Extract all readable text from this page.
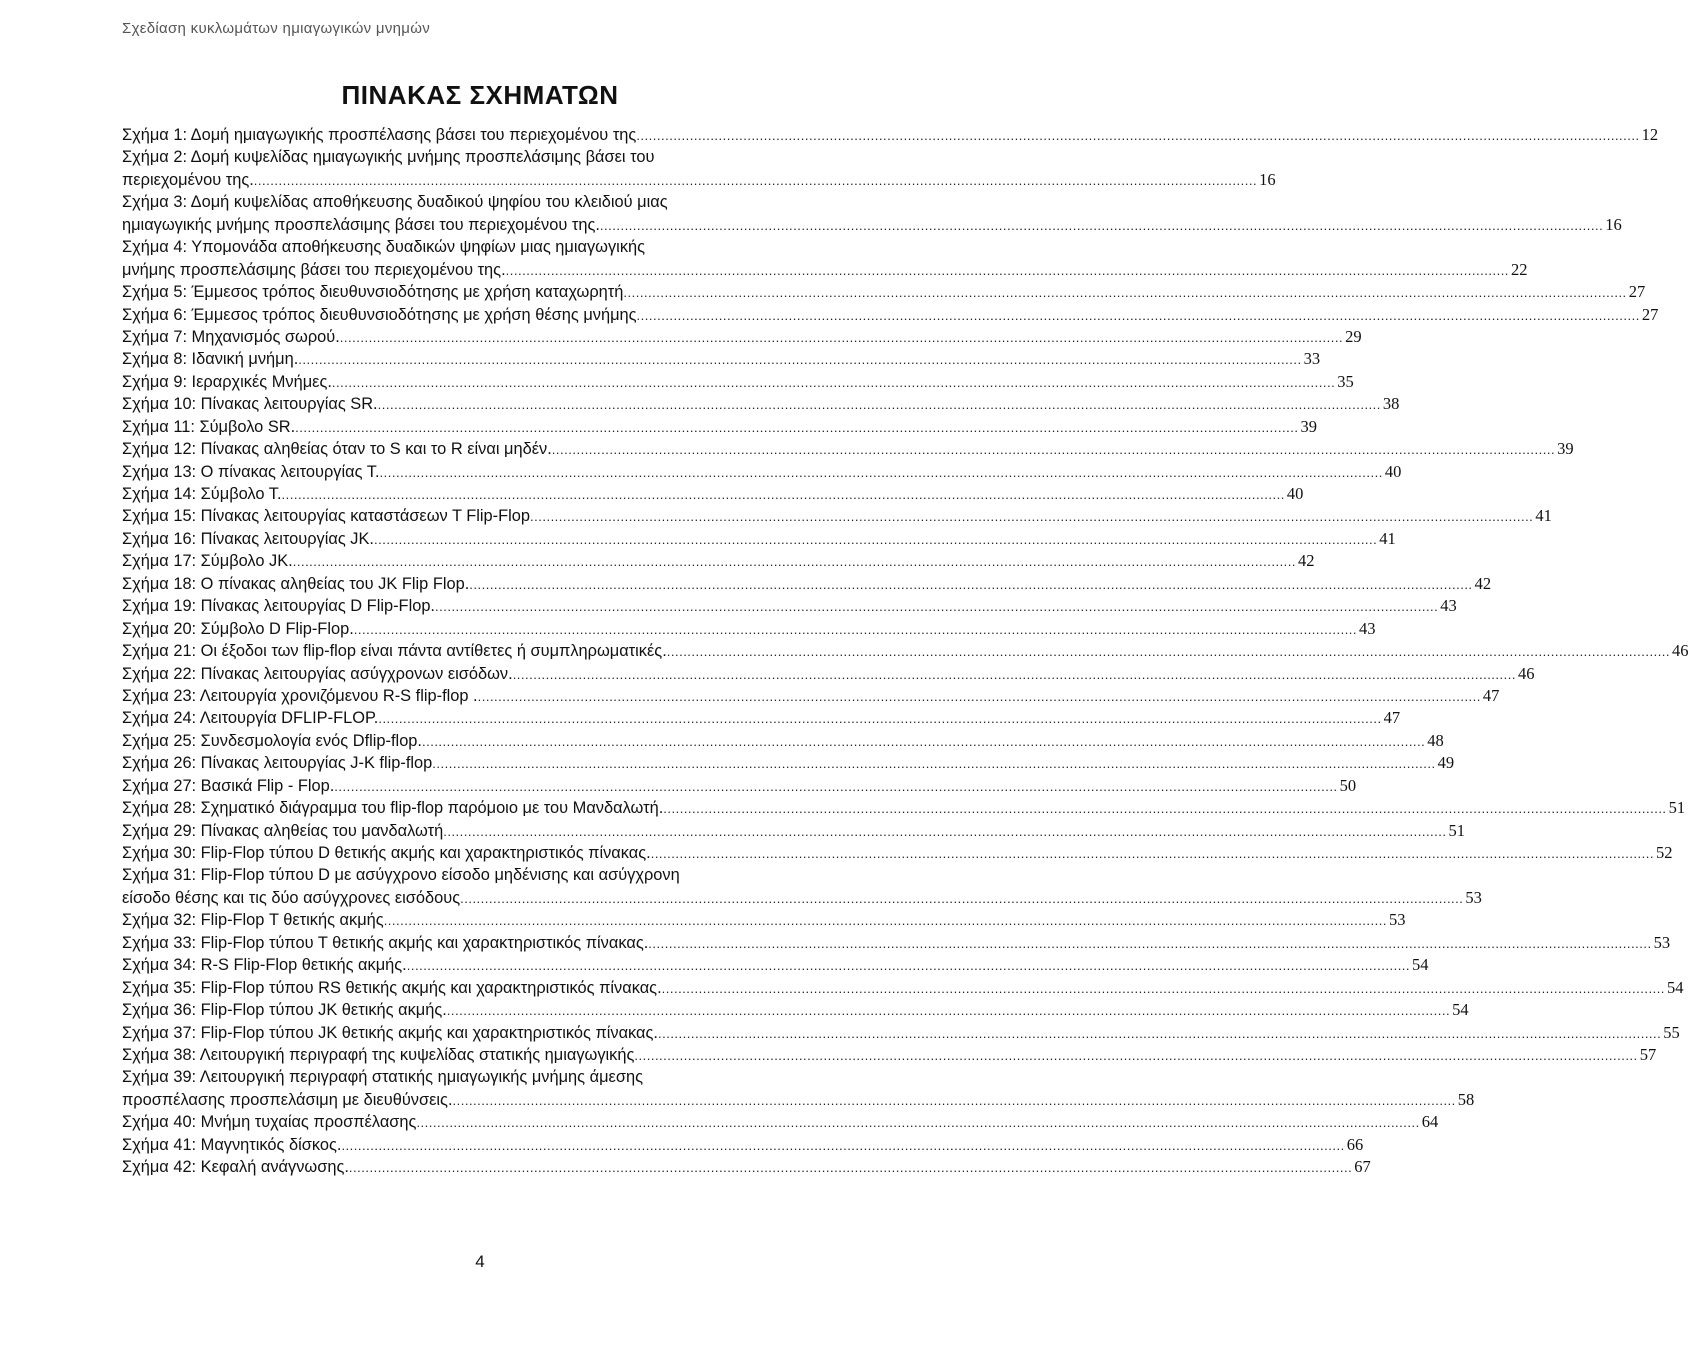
Σχεδίαση κυκλωμάτων ημιαγωγικών μνημών
ΠΙΝΑΚΑΣ ΣΧΗΜΑΤΩΝ
Σχήμα 1: Δομή ημιαγωγικής προσπέλασης βάσει του περιεχομένου της .....	12
Σχήμα 2: Δομή κυψελίδας ημιαγωγικής μνήμης προσπελάσιμης βάσει του
περιεχομένου της. .....	16
Σχήμα 3: Δομή κυψελίδας αποθήκευσης δυαδικού ψηφίου του κλειδιού μιας
ημιαγωγικής μνήμης προσπελάσιμης βάσει του περιεχομένου της. .....	16
Σχήμα 4: Υπομονάδα αποθήκευσης δυαδικών ψηφίων μιας ημιαγωγικής
μνήμης προσπελάσιμης βάσει του περιεχομένου της. .....	22
Σχήμα 5: Έμμεσος τρόπος διευθυνσιοδότησης με χρήση καταχωρητή .....	27
Σχήμα 6: Έμμεσος τρόπος διευθυνσιοδότησης με χρήση θέσης μνήμης .....	27
Σχήμα 7: Μηχανισμός σωρού. .....	29
Σχήμα 8: Ιδανική μνήμη. .....	33
Σχήμα 9: Ιεραρχικές Μνήμες. .....	35
Σχήμα 10: Πίνακας λειτουργίας SR. .....	38
Σχήμα 11: Σύμβολο SR. .....	39
Σχήμα 12: Πίνακας αληθείας όταν το S και το R είναι μηδέν. .....	39
Σχήμα 13: Ο πίνακας λειτουργίας Τ. .....	40
Σχήμα 14: Σύμβολο Τ. .....	40
Σχήμα 15: Πίνακας λειτουργίας καταστάσεων Τ Flip-Flop .....	41
Σχήμα 16: Πίνακας λειτουργίας JK. .....	41
Σχήμα 17: Σύμβολο JK. .....	42
Σχήμα 18: Ο πίνακας αληθείας του JK Flip Flop. .....	42
Σχήμα 19: Πίνακας λειτουργίας D Flip-Flop. .....	43
Σχήμα 20: Σύμβολο D Flip-Flop. .....	43
Σχήμα 21: Οι έξοδοι των flip-flop είναι πάντα αντίθετες ή συμπληρωματικές. .....	46
Σχήμα 22: Πίνακας λειτουργίας ασύγχρονων εισόδων. .....	46
Σχήμα 23: Λειτουργία χρονιζόμενου R-S flip-flop . .....	47
Σχήμα 24: Λειτουργία DFLIP-FLOP. .....	47
Σχήμα 25: Συνδεσμολογία ενός Dflip-flop. .....	48
Σχήμα 26: Πίνακας λειτουργίας J-K flip-flop .....	49
Σχήμα 27: Βασικά Flip - Flop. .....	50
Σχήμα 28: Σχηματικό διάγραμμα του flip-flop παρόμοιο με του Μανδαλωτή. .....	51
Σχήμα 29: Πίνακας αληθείας του μανδαλωτή .....	51
Σχήμα 30: Flip-Flop τύπου D θετικής ακμής και χαρακτηριστικός πίνακας. .....	52
Σχήμα 31: Flip-Flop τύπου D με ασύγχρονο είσοδο μηδένισης και ασύγχρονη
είσοδο θέσης και τις δύο ασύγχρονες εισόδους .....	53
Σχήμα 32: Flip-Flop Τ θετικής ακμής .....	53
Σχήμα 33: Flip-Flop τύπου Τ θετικής ακμής και χαρακτηριστικός πίνακας. .....	53
Σχήμα 34: R-S Flip-Flop θετικής ακμής. .....	54
Σχήμα 35: Flip-Flop τύπου RS θετικής ακμής και χαρακτηριστικός πίνακας. .....	54
Σχήμα 36: Flip-Flop τύπου JK θετικής ακμής. .....	54
Σχήμα 37: Flip-Flop τύπου JK θετικής ακμής και χαρακτηριστικός πίνακας. .....	55
Σχήμα 38: Λειτουργική περιγραφή της κυψελίδας στατικής ημιαγωγικής .....	57
Σχήμα 39: Λειτουργική περιγραφή στατικής ημιαγωγικής μνήμης άμεσης
προσπέλασης προσπελάσιμη με διευθύνσεις. .....	58
Σχήμα 40: Μνήμη τυχαίας προσπέλασης .....	64
Σχήμα 41: Μαγνητικός δίσκος. .....	66
Σχήμα 42: Κεφαλή ανάγνωσης. .....	67
4
